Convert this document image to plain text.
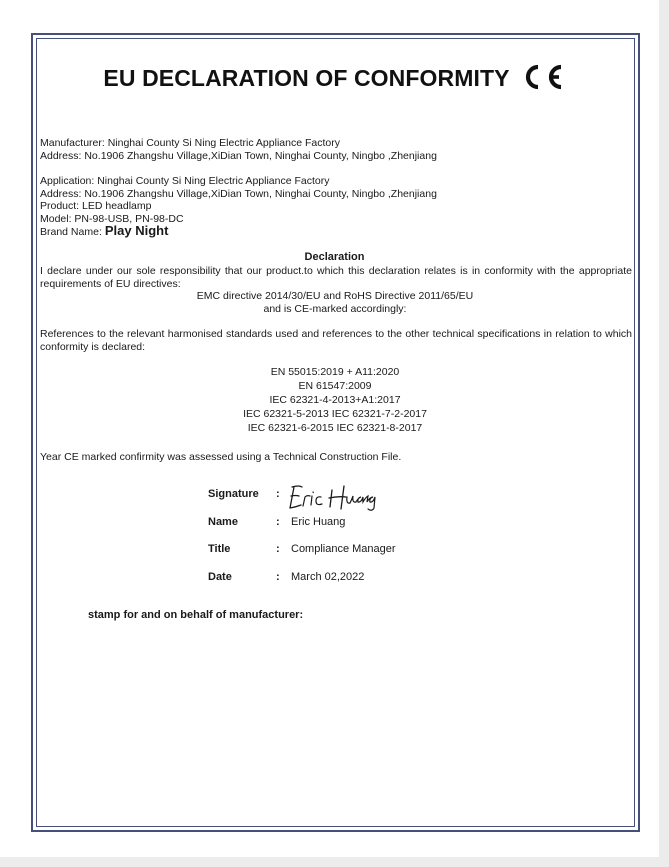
EU DECLARATION OF CONFORMITY
Manufacturer: Ninghai County Si Ning Electric Appliance Factory
Address: No.1906 Zhangshu Village,XiDian Town, Ninghai County, Ningbo ,Zhenjiang
Application: Ninghai County Si Ning Electric Appliance Factory
Address: No.1906 Zhangshu Village,XiDian Town, Ninghai County, Ningbo ,Zhenjiang
Product: LED headlamp
Model: PN-98-USB, PN-98-DC
Brand Name: Play Night
Declaration
I declare under our sole responsibility that our product.to which this declaration relates is in conformity with the appropriate requirements of EU directives:
EMC directive 2014/30/EU and RoHS Directive 2011/65/EU
and is CE-marked accordingly:
References to the relevant harmonised standards used and references to the other technical specifications in relation to which conformity is declared:
EN 55015:2019 + A11:2020
EN 61547:2009
IEC 62321-4-2013+A1:2017
IEC 62321-5-2013 IEC 62321-7-2-2017
IEC 62321-6-2015 IEC 62321-8-2017
Year CE marked confirmity was assessed using a Technical Construction File.
Signature :
Name	: Eric Huang
Title	: Compliance Manager
Date	: March 02,2022
stamp for and on behalf of manufacturer:
